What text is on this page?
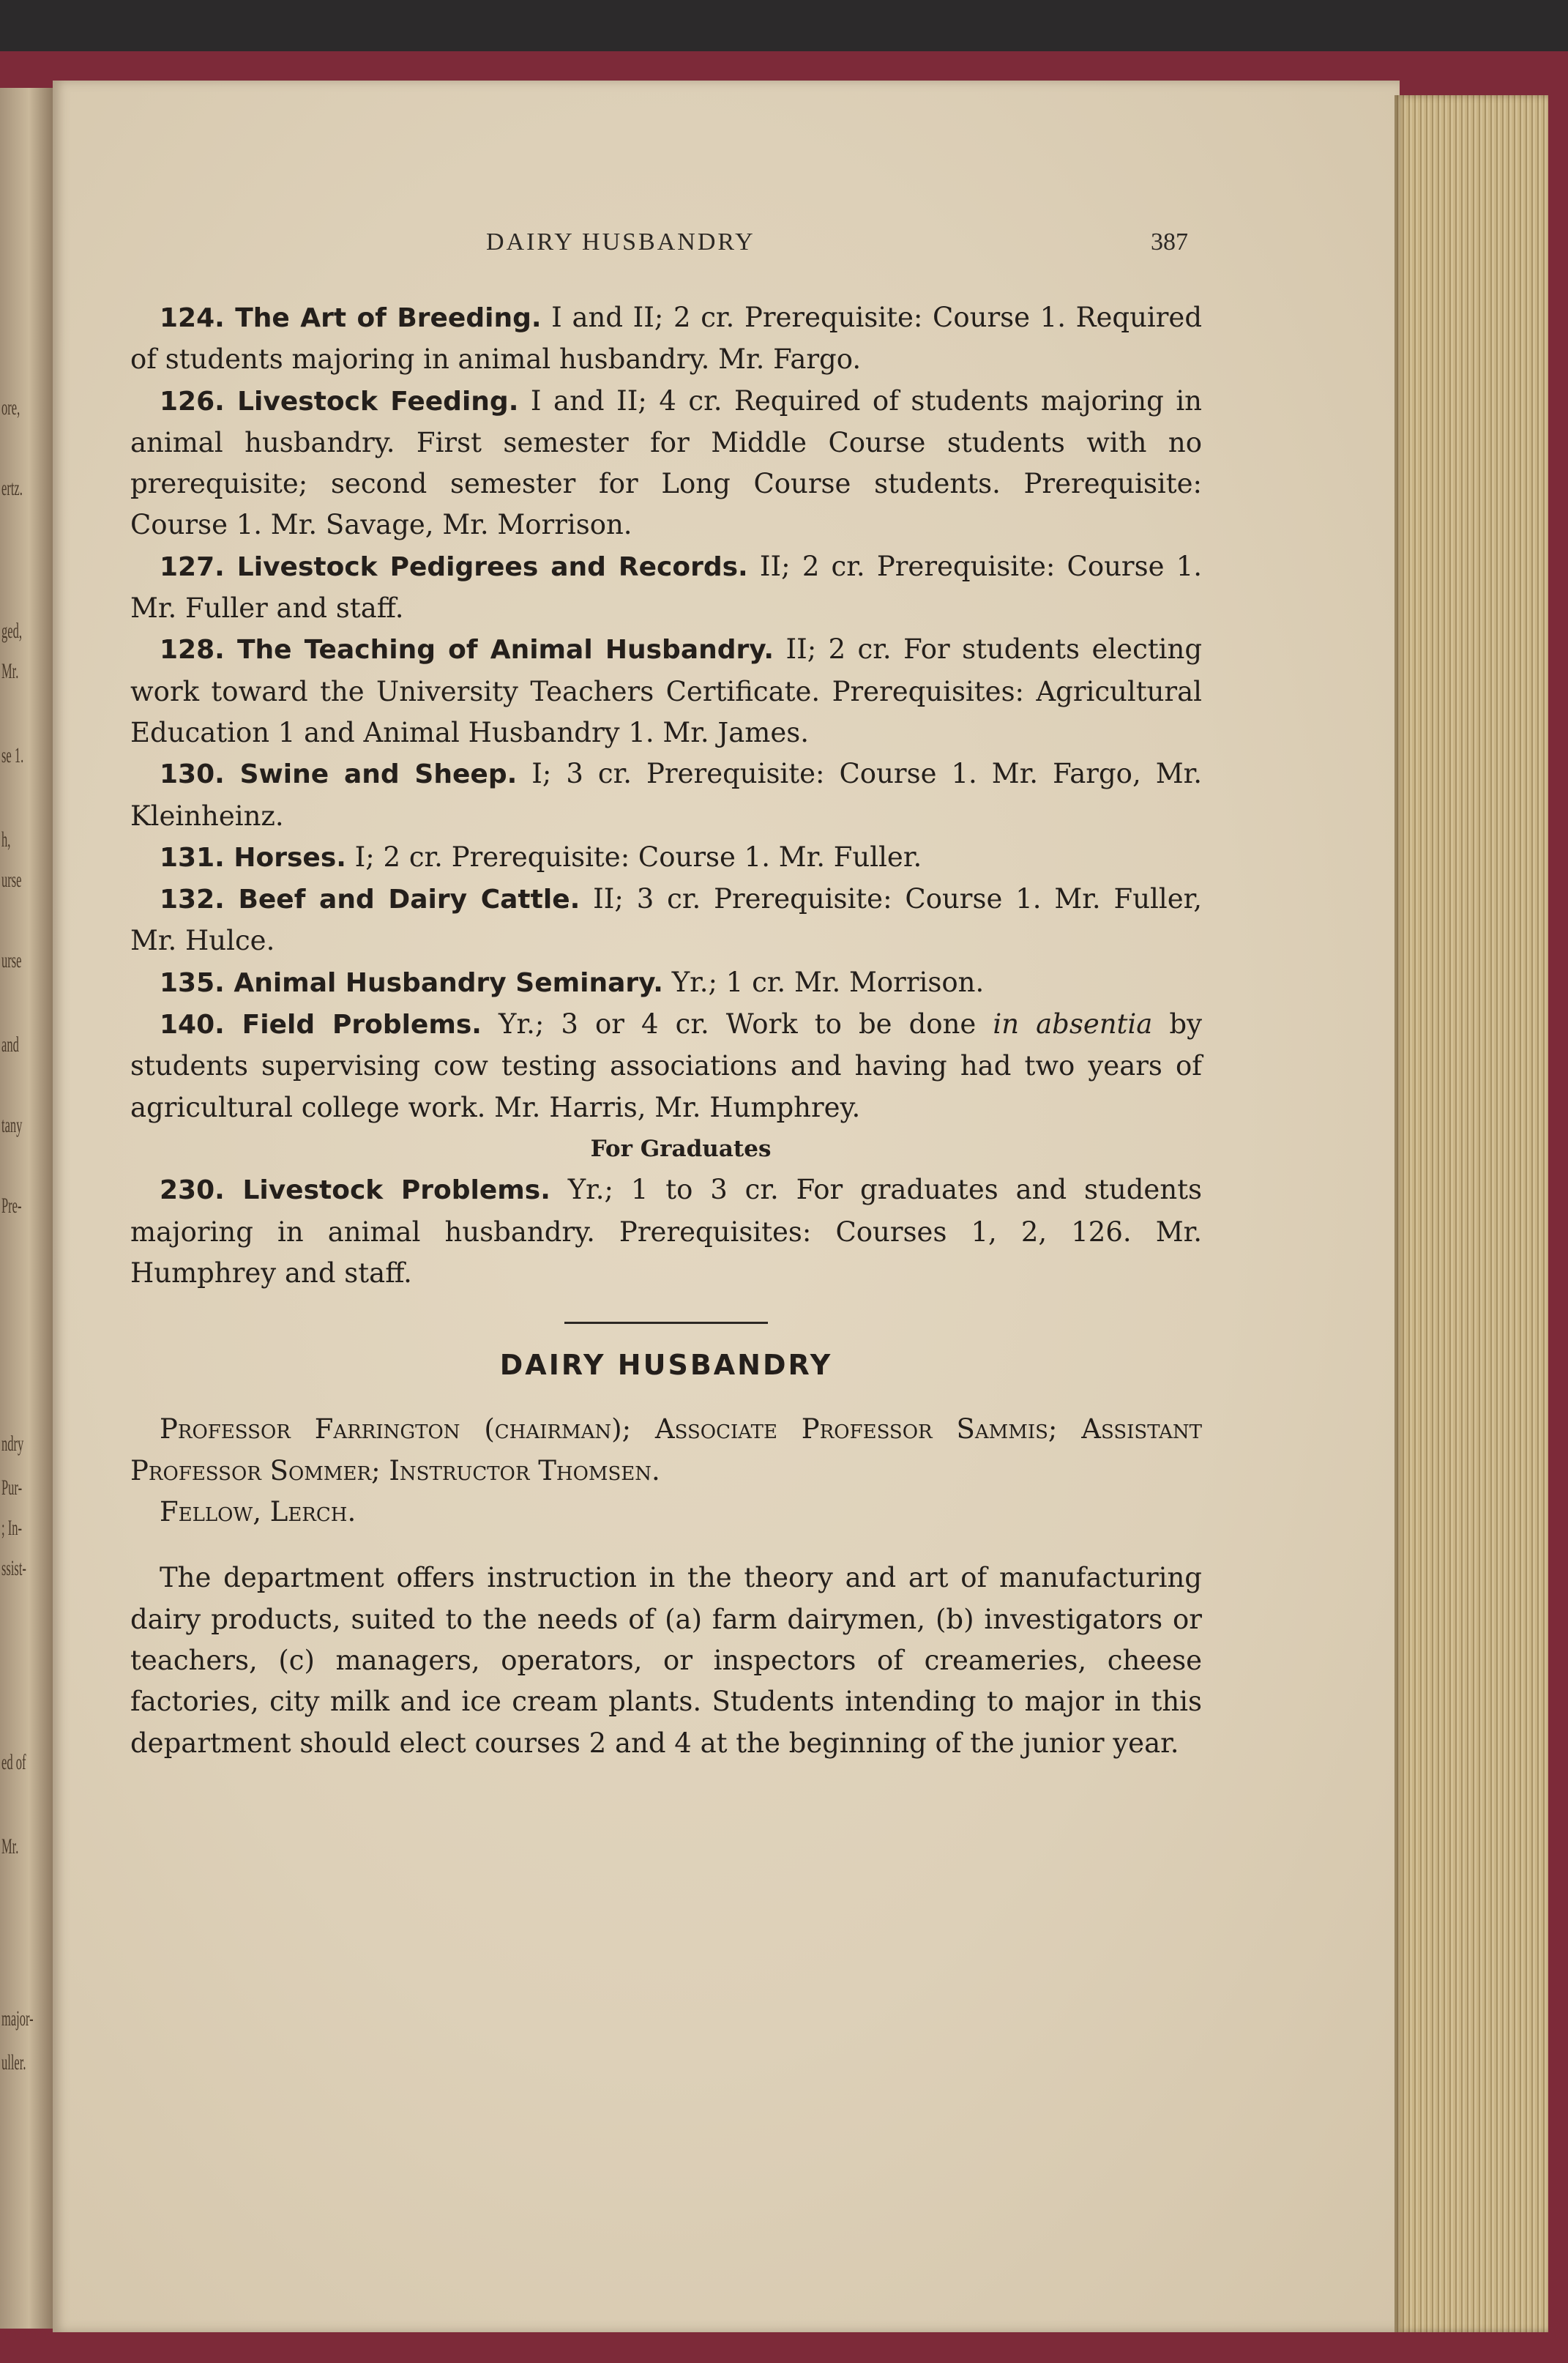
ore,
ertz.
ged,
Mr.
se 1.
h,
urse
urse
and
tany
Pre-
ndry
Pur-
; In-
ssist-
ed of
Mr.
major-
uller.
DAIRY HUSBANDRY	387

124. The Art of Breeding. I and II; 2 cr. Prerequisite: Course 1. Required of students majoring in animal husbandry. Mr. Fargo.

126. Livestock Feeding. I and II; 4 cr. Required of students majoring in animal husbandry. First semester for Middle Course students with no prerequisite; second semester for Long Course students. Prerequisite: Course 1. Mr. Savage, Mr. Morrison.

127. Livestock Pedigrees and Records. II; 2 cr. Prerequisite: Course 1. Mr. Fuller and staff.

128. The Teaching of Animal Husbandry. II; 2 cr. For students electing work toward the University Teachers Certificate. Prerequisites: Agricultural Education 1 and Animal Husbandry 1. Mr. James.

130. Swine and Sheep. I; 3 cr. Prerequisite: Course 1. Mr. Fargo, Mr. Kleinheinz.

131. Horses. I; 2 cr. Prerequisite: Course 1. Mr. Fuller.

132. Beef and Dairy Cattle. II; 3 cr. Prerequisite: Course 1. Mr. Fuller, Mr. Hulce.

135. Animal Husbandry Seminary. Yr.; 1 cr. Mr. Morrison.

140. Field Problems. Yr.; 3 or 4 cr. Work to be done in absentia by students supervising cow testing associations and having had two years of agricultural college work. Mr. Harris, Mr. Humphrey.

For Graduates

230. Livestock Problems. Yr.; 1 to 3 cr. For graduates and students majoring in animal husbandry. Prerequisites: Courses 1, 2, 126. Mr. Humphrey and staff.

DAIRY HUSBANDRY

Professor Farrington (chairman); Associate Professor Sammis; Assistant Professor Sommer; Instructor Thomsen.

Fellow, Lerch.

The department offers instruction in the theory and art of manufacturing dairy products, suited to the needs of (a) farm dairymen, (b) investigators or teachers, (c) managers, operators, or inspectors of creameries, cheese factories, city milk and ice cream plants. Students intending to major in this department should elect courses 2 and 4 at the beginning of the junior year.
